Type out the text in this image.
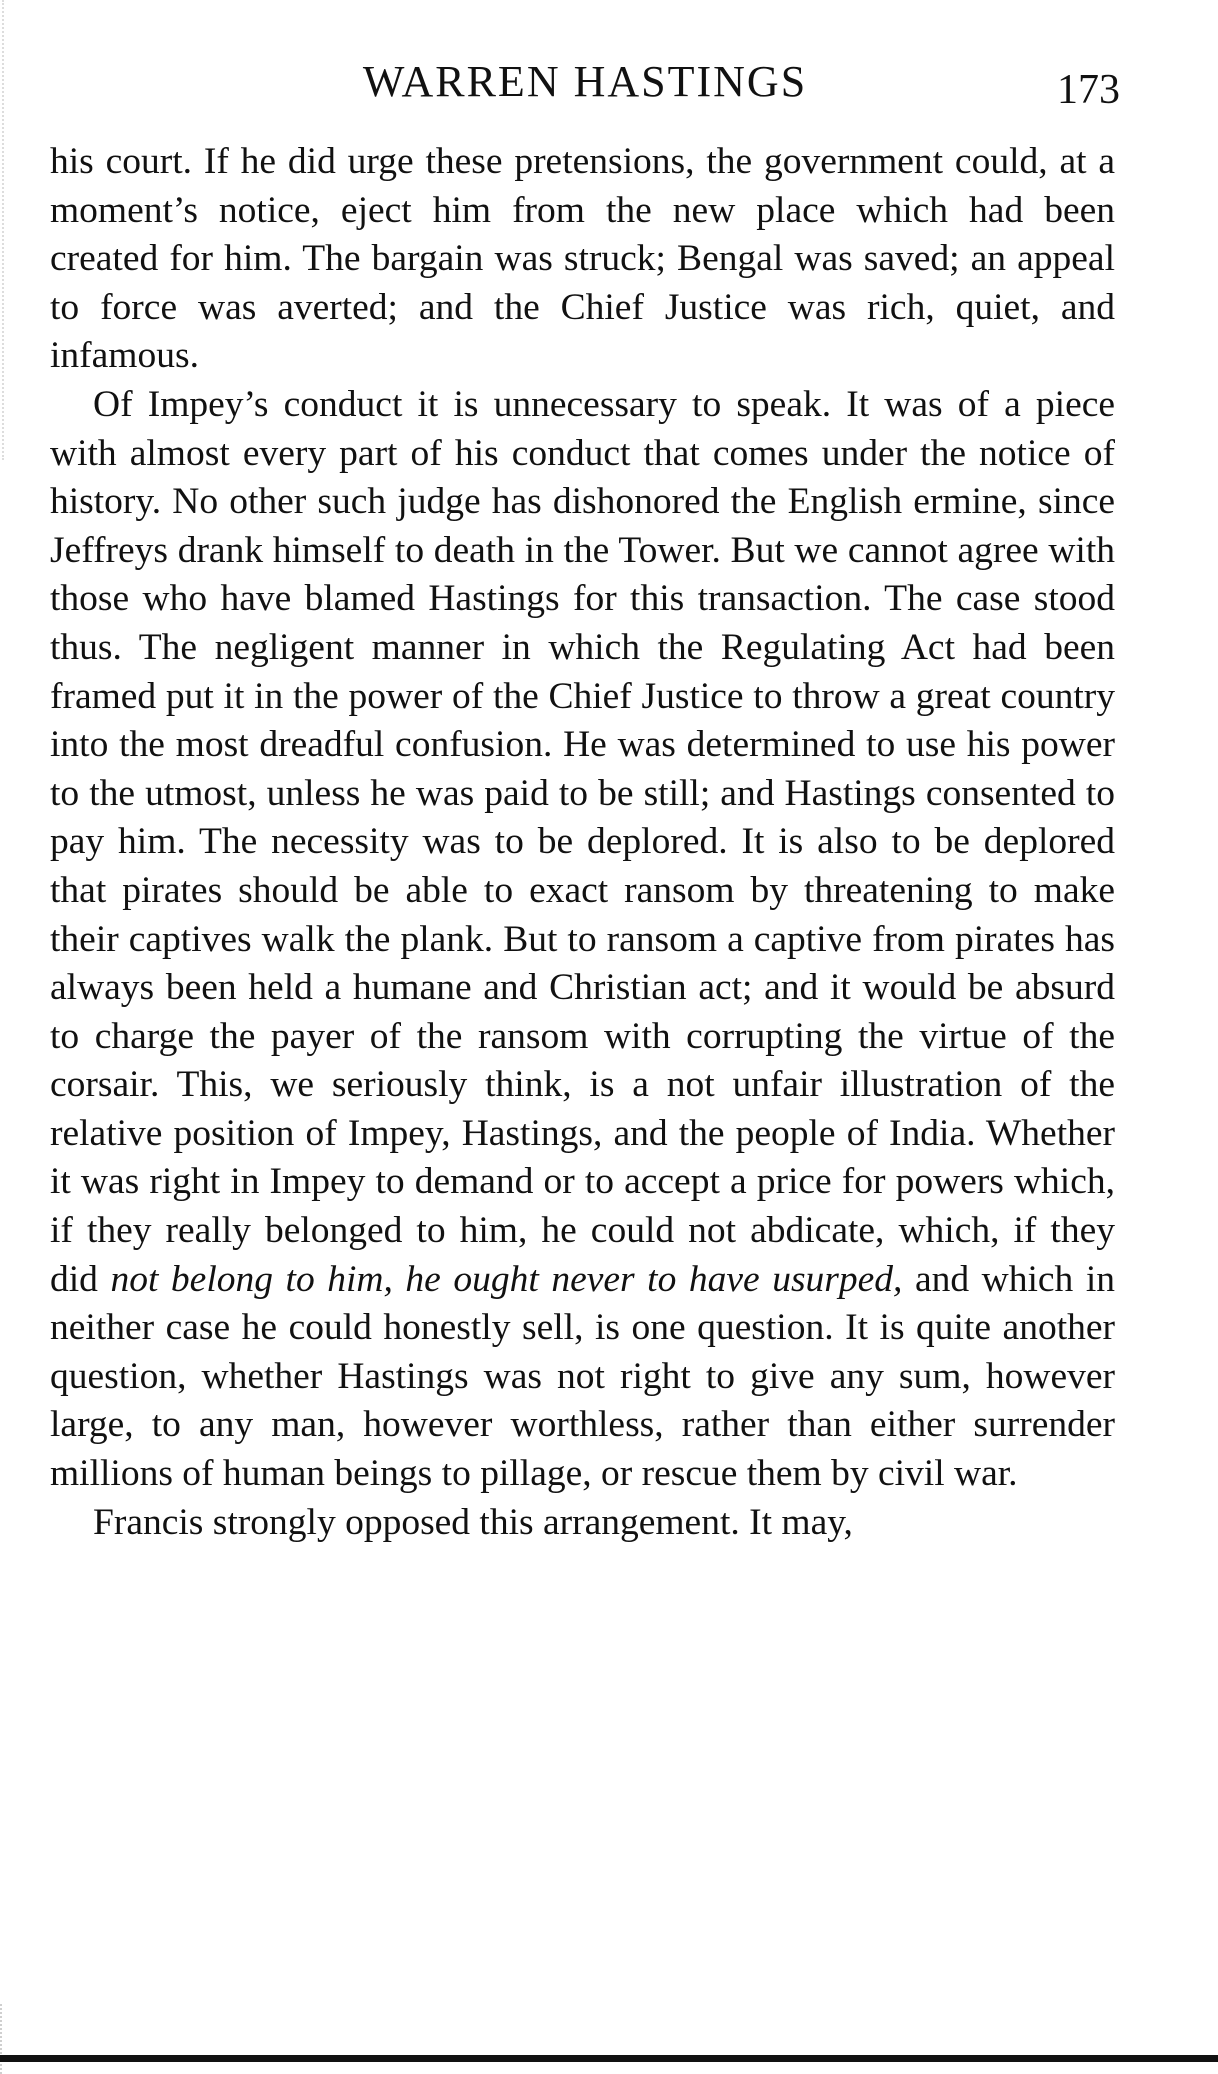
WARREN HASTINGS	173

his court. If he did urge these pretensions, the government could, at a moment’s notice, eject him from the new place which had been created for him. The bargain was struck; Bengal was saved; an appeal to force was averted; and the Chief Justice was rich, quiet, and infamous.

Of Impey’s conduct it is unnecessary to speak. It was of a piece with almost every part of his conduct that comes under the notice of history. No other such judge has dishonored the English ermine, since Jeffreys drank himself to death in the Tower. But we cannot agree with those who have blamed Hastings for this transaction. The case stood thus. The negligent manner in which the Regulating Act had been framed put it in the power of the Chief Justice to throw a great country into the most dreadful confusion. He was determined to use his power to the utmost, unless he was paid to be still; and Hastings consented to pay him. The necessity was to be deplored. It is also to be deplored that pirates should be able to exact ransom by threatening to make their captives walk the plank. But to ransom a captive from pirates has always been held a humane and Christian act; and it would be absurd to charge the payer of the ransom with corrupting the virtue of the corsair. This, we seriously think, is a not unfair illustration of the relative position of Impey, Hastings, and the people of India. Whether it was right in Impey to demand or to accept a price for powers which, if they really belonged to him, he could not abdicate, which, if they did not belong to him, he ought never to have usurped, and which in neither case he could honestly sell, is one question. It is quite another question, whether Hastings was not right to give any sum, however large, to any man, however worthless, rather than either surrender millions of human beings to pillage, or rescue them by civil war.

Francis strongly opposed this arrangement. It may,
